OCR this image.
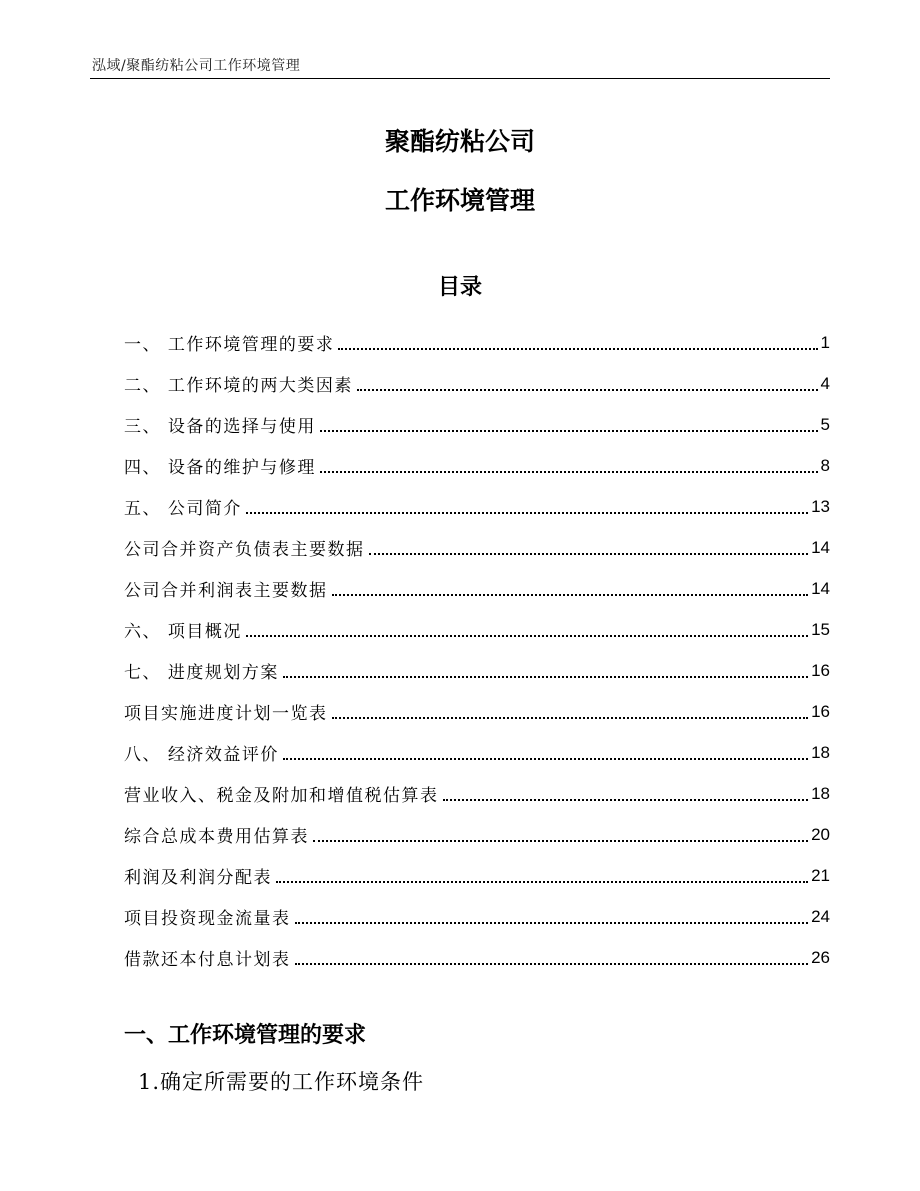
泓域/聚酯纺粘公司工作环境管理
聚酯纺粘公司
工作环境管理
目录
一、 工作环境管理的要求	1
二、 工作环境的两大类因素	4
三、 设备的选择与使用	5
四、 设备的维护与修理	8
五、 公司简介	13
公司合并资产负债表主要数据	14
公司合并利润表主要数据	14
六、 项目概况	15
七、 进度规划方案	16
项目实施进度计划一览表	16
八、 经济效益评价	18
营业收入、税金及附加和增值税估算表	18
综合总成本费用估算表	20
利润及利润分配表	21
项目投资现金流量表	24
借款还本付息计划表	26
一、工作环境管理的要求
1.确定所需要的工作环境条件
